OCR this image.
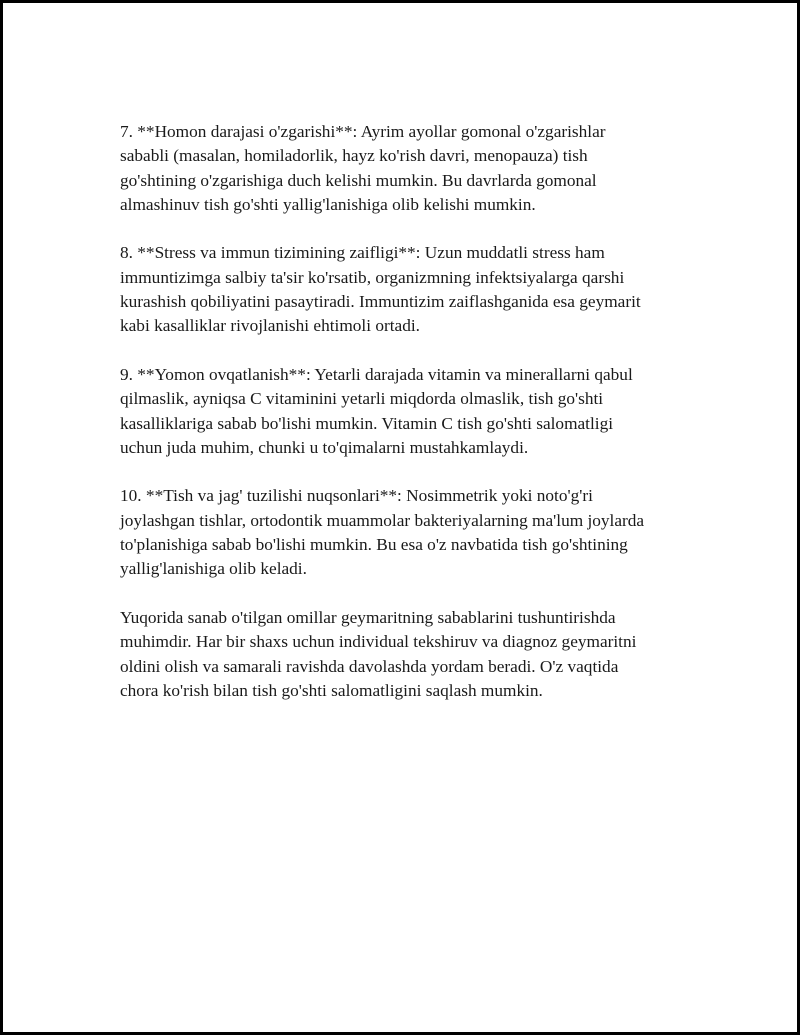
7. **Homon darajasi o'zgarishi**: Ayrim ayollar gomonal o'zgarishlar
sababli (masalan, homiladorlik, hayz ko'rish davri, menopauza) tish
go'shtining o'zgarishiga duch kelishi mumkin. Bu davrlarda gomonal
almashinuv tish go'shti yallig'lanishiga olib kelishi mumkin.

8. **Stress va immun tizimining zaifligi**: Uzun muddatli stress ham
immuntizimga salbiy ta'sir ko'rsatib, organizmning infektsiyalarga qarshi
kurashish qobiliyatini pasaytiradi. Immuntizim zaiflashganida esa geymarit
kabi kasalliklar rivojlanishi ehtimoli ortadi.

9. **Yomon ovqatlanish**: Yetarli darajada vitamin va minerallarni qabul
qilmaslik, ayniqsa C vitaminini yetarli miqdorda olmaslik, tish go'shti
kasalliklariga sabab bo'lishi mumkin. Vitamin C tish go'shti salomatligi
uchun juda muhim, chunki u to'qimalarni mustahkamlaydi.

10. **Tish va jag' tuzilishi nuqsonlari**: Nosimmetrik yoki noto'g'ri
joylashgan tishlar, ortodontik muammolar bakteriyalarning ma'lum joylarda
to'planishiga sabab bo'lishi mumkin. Bu esa o'z navbatida tish go'shtining
yallig'lanishiga olib keladi.

Yuqorida sanab o'tilgan omillar geymaritning sabablarini tushuntirishda
muhimdir. Har bir shaxs uchun individual tekshiruv va diagnoz geymaritni
oldini olish va samarali ravishda davolashda yordam beradi. O'z vaqtida
chora ko'rish bilan tish go'shti salomatligini saqlash mumkin.
